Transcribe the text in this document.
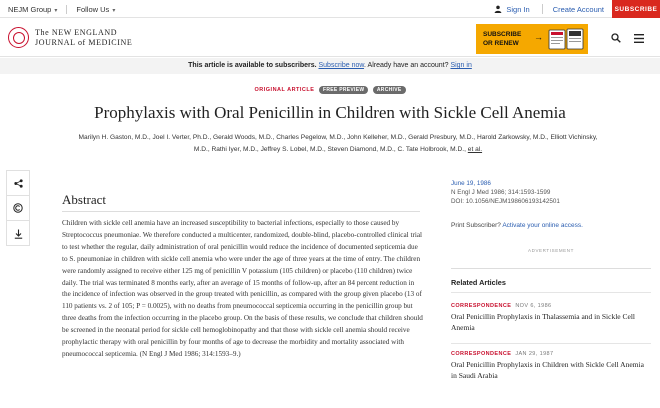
NEJM Group ▾	Follow Us ▾	Sign In	Create Account	SUBSCRIBE
The NEW ENGLAND
JOURNAL of MEDICINE
SUBSCRIBE
OR RENEW
→
This article is available to subscribers. Subscribe now. Already have an account? Sign in
ORIGINAL ARTICLE FREE PREVIEW	ARCHIVE
Prophylaxis with Oral Penicillin in Children with Sickle Cell Anemia
Marilyn H. Gaston, M.D., Joel I. Verter, Ph.D., Gerald Woods, M.D., Charles Pegelow, M.D., John Kelleher, M.D., Gerald Presbury, M.D., Harold Zarkowsky, M.D., Elliott Vichinsky, M.D., Rathi Iyer, M.D., Jeffrey S. Lobel, M.D., Steven Diamond, M.D., C. Tate Holbrook, M.D., et al.
Abstract
Children with sickle cell anemia have an increased susceptibility to bacterial infections, especially to those caused by Streptococcus pneumoniae. We therefore conducted a multicenter, randomized, double-blind, placebo-controlled clinical trial to test whether the regular, daily administration of oral penicillin would reduce the incidence of documented septicemia due to S. pneumoniae in children with sickle cell anemia who were under the age of three years at the time of entry. The children were randomly assigned to receive either 125 mg of penicillin V potassium (105 children) or placebo (110 children) twice daily. The trial was terminated 8 months early, after an average of 15 months of follow-up, after an 84 percent reduction in the incidence of infection was observed in the group treated with penicillin, as compared with the group given placebo (13 of 110 patients vs. 2 of 105; P = 0.0025), with no deaths from pneumococcal septicemia occurring in the penicillin group but three deaths from the infection occurring in the placebo group. On the basis of these results, we conclude that children should be screened in the neonatal period for sickle cell hemoglobinopathy and that those with sickle cell anemia should receive prophylactic therapy with oral penicillin by four months of age to decrease the morbidity and mortality associated with pneumococcal septicemia. (N Engl J Med 1986; 314:1593–9.)
June 19, 1986
N Engl J Med 1986; 314:1593-1599
DOI: 10.1056/NEJM198606193142501
Print Subscriber? Activate your online access.
ADVERTISEMENT
Related Articles
CORRESPONDENCE NOV 6, 1986
Oral Penicillin Prophylaxis in Thalassemia and in Sickle Cell Anemia
CORRESPONDENCE JAN 29, 1987
Oral Penicillin Prophylaxis in Children with Sickle Cell Anemia in Saudi Arabia
